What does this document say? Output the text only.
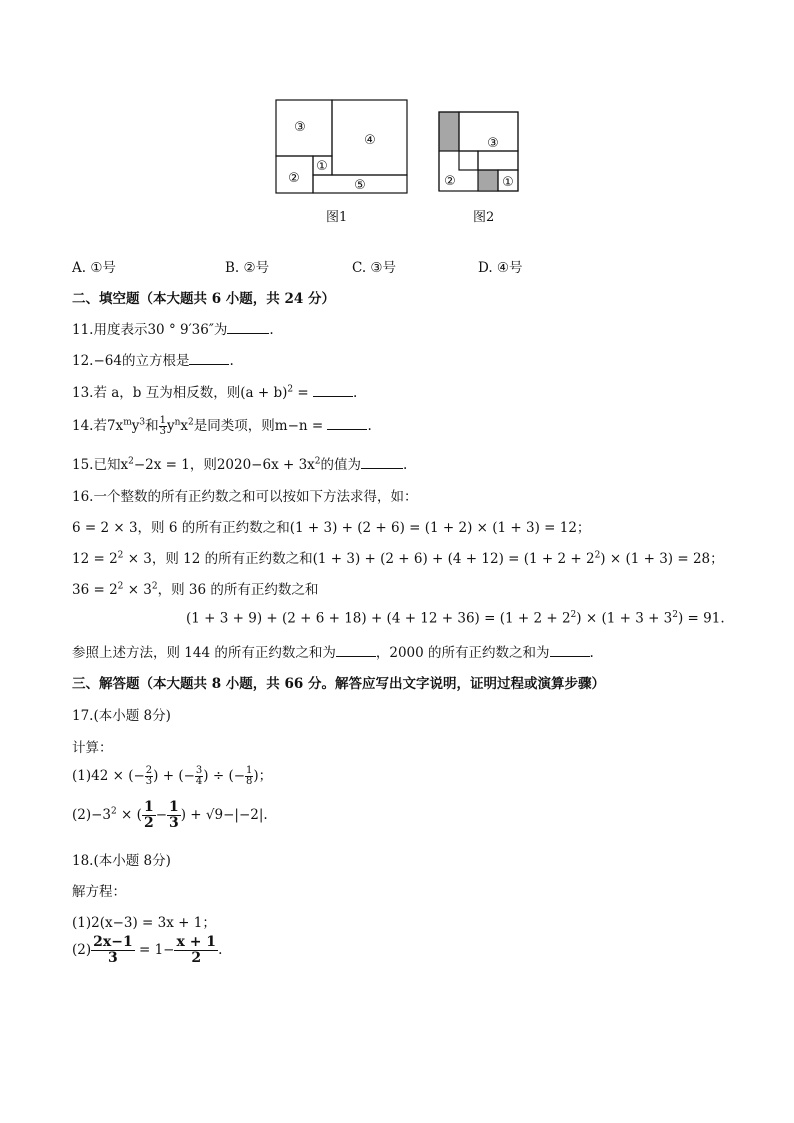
③
④
①
②	⑤
图1
③
②	①
图2
A. ①号	B. ②号	C. ③号	D. ④号
二、填空题（本大题共 6 小题，共 24 分）
11.用度表示30 ° 9′36″为	.
12.−64的立方根是	.
13.若 a，b 互为相反数，则$(a + b)^2$ =	.
14.若$7x^my^3$和 $\frac{1}{3} y^nx^2$是同类项，则m−n =	.
15.已知$x^2-2x = 1$，则$2020-6x + 3x^2$的值为	.
16.一个整数的所有正约数之和可以按如下方法求得，如：
6 = 2 × 3，则 6 的所有正约数之和(1 + 3) + (2 + 6) = (1 + 2) × (1 + 3) = 12；
$12 = 2^2 \times 3$，则 12 的所有正约数之和$(1 + 3) + (2 + 6) + (4 + 12) = (1 + 2 + 2^2) \times (1 + 3) = 28$；
$36 = 2^2 \times 3^2$，则 36 的所有正约数之和
$(1 + 3 + 9) + (2 + 6 + 18) + (4 + 12 + 36) = (1 + 2 + 2^2) \times (1 + 3 + 3^2) = 91$.
参照上述方法，则 144 的所有正约数之和为	，2000 的所有正约数之和为	.
三、解答题（本大题共 8 小题，共 66 分。解答应写出文字说明，证明过程或演算步骤）
17.(本小题 8分)
计算：
(1)42 × (− $\frac{2}{3}$ ) + (− $\frac{3}{4}$ ) ÷ (− $\frac{1}{8}$ )；
$(2)-3^2$ × ( $\frac{1}{2} - \frac{1}{3}$ ) + √9−|−2|.
18.(本小题 8分)
解方程：
(1)2(x−3) = 3x + 1；
$(2) \frac{2x-1}{3} = 1- \frac{x + 1}{2}$ .
